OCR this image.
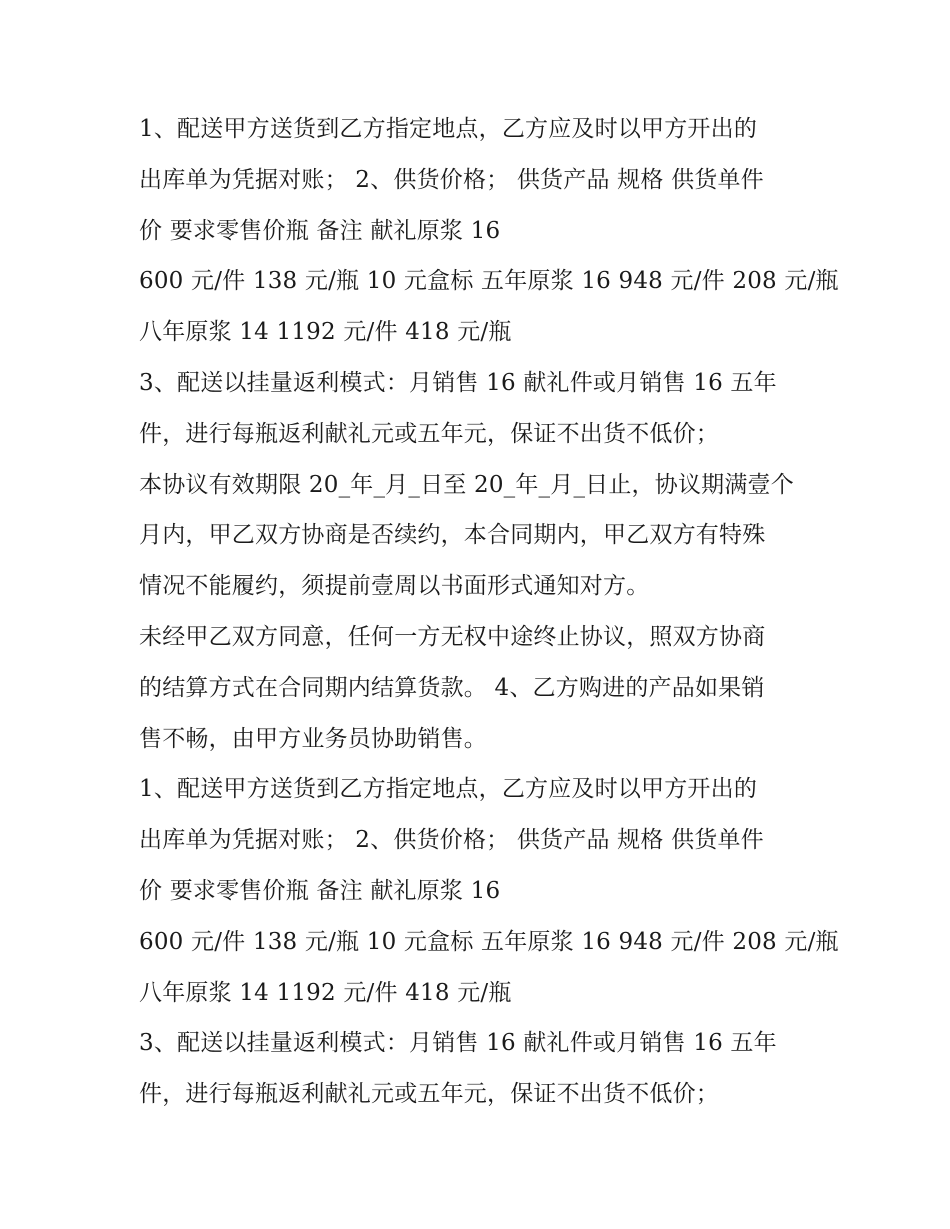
1、配送甲方送货到乙方指定地点，乙方应及时以甲方开出的
出库单为凭据对账； 2、供货价格； 供货产品 规格 供货单件
价 要求零售价瓶 备注 献礼原浆 16
600 元/件 138 元/瓶 10 元盒标 五年原浆 16 948 元/件 208 元/瓶
八年原浆 14 1192 元/件 418 元/瓶
3、配送以挂量返利模式：月销售 16 献礼件或月销售 16 五年
件，进行每瓶返利献礼元或五年元，保证不出货不低价；
本协议有效期限 20_年_月_日至 20_年_月_日止，协议期满壹个
月内，甲乙双方协商是否续约，本合同期内，甲乙双方有特殊
情况不能履约，须提前壹周以书面形式通知对方。
未经甲乙双方同意，任何一方无权中途终止协议，照双方协商
的结算方式在合同期内结算货款。 4、乙方购进的产品如果销
售不畅，由甲方业务员协助销售。
1、配送甲方送货到乙方指定地点，乙方应及时以甲方开出的
出库单为凭据对账； 2、供货价格； 供货产品 规格 供货单件
价 要求零售价瓶 备注 献礼原浆 16
600 元/件 138 元/瓶 10 元盒标 五年原浆 16 948 元/件 208 元/瓶
八年原浆 14 1192 元/件 418 元/瓶
3、配送以挂量返利模式：月销售 16 献礼件或月销售 16 五年
件，进行每瓶返利献礼元或五年元，保证不出货不低价；
